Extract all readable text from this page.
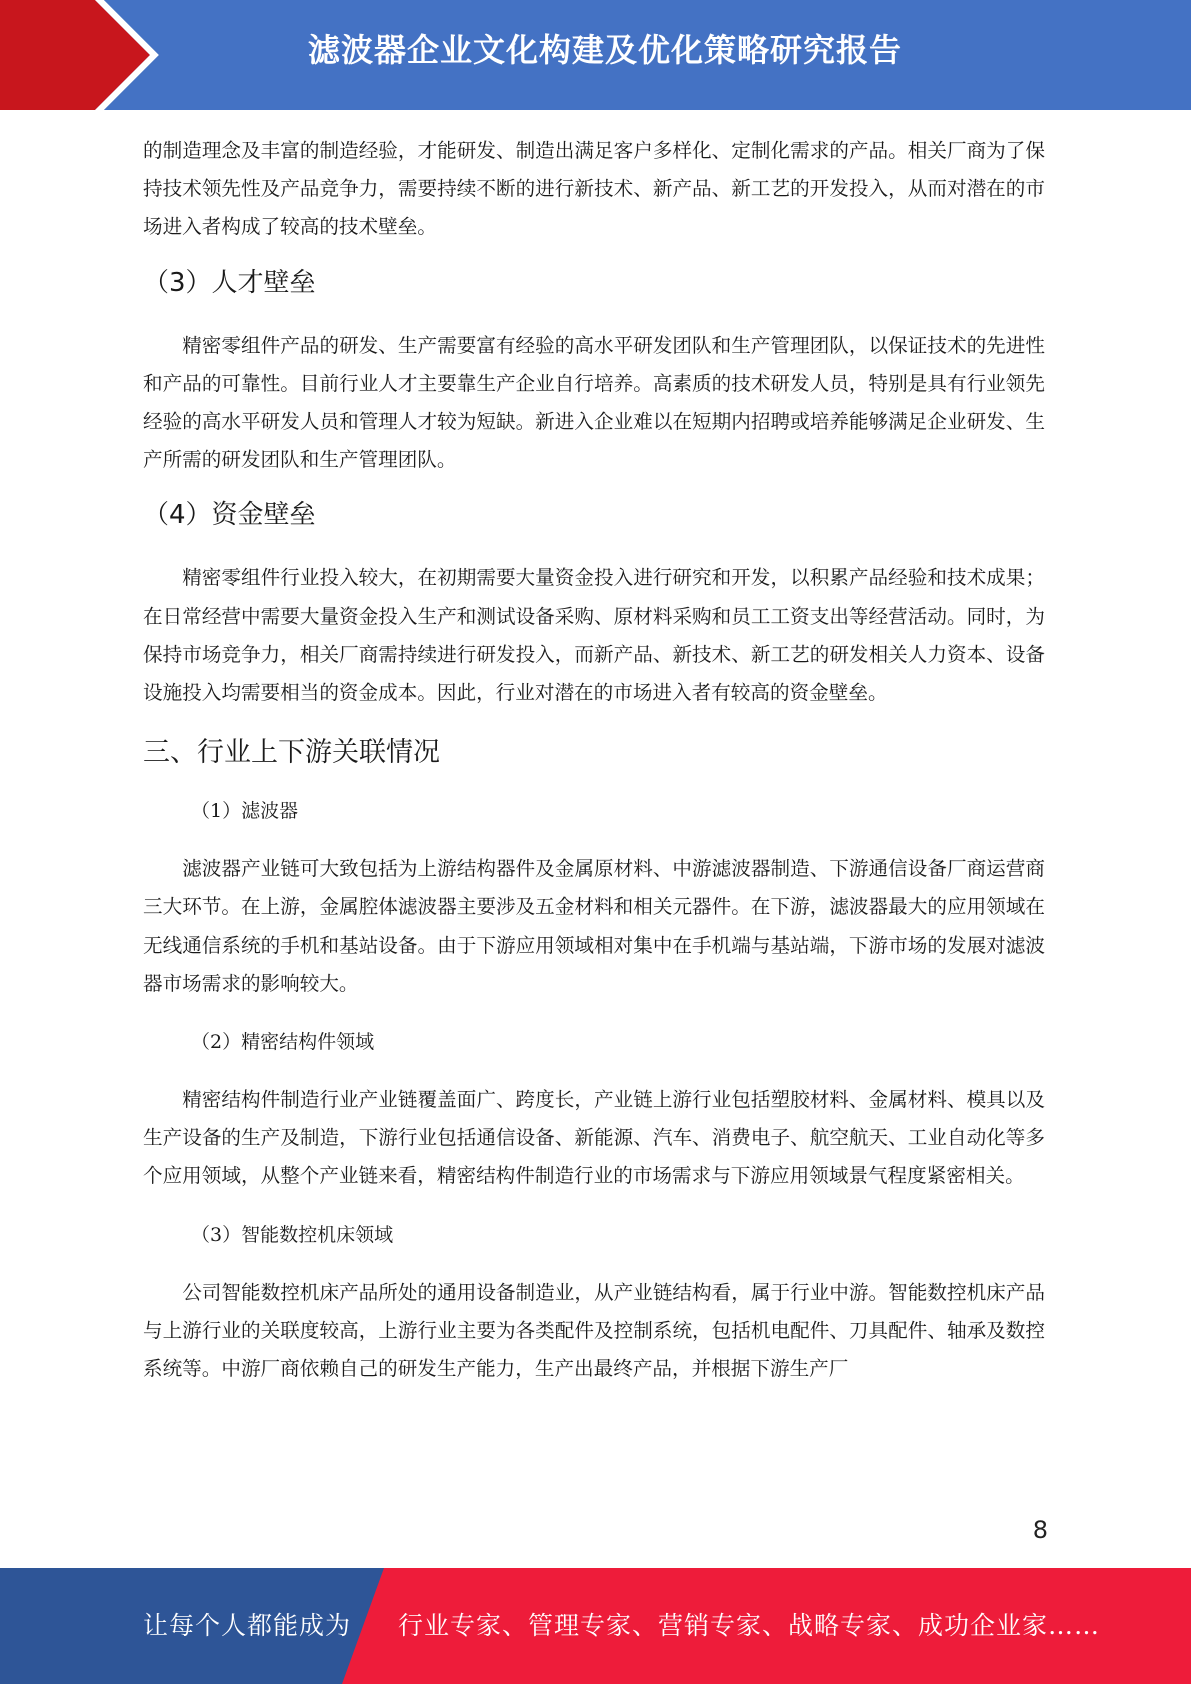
滤波器企业文化构建及优化策略研究报告

的制造理念及丰富的制造经验，才能研发、制造出满足客户多样化、定制化需求的产品。相关厂商为了保持技术领先性及产品竞争力，需要持续不断的进行新技术、新产品、新工艺的开发投入，从而对潜在的市场进入者构成了较高的技术壁垒。

（3）人才壁垒

精密零组件产品的研发、生产需要富有经验的高水平研发团队和生产管理团队，以保证技术的先进性和产品的可靠性。目前行业人才主要靠生产企业自行培养。高素质的技术研发人员，特别是具有行业领先经验的高水平研发人员和管理人才较为短缺。新进入企业难以在短期内招聘或培养能够满足企业研发、生产所需的研发团队和生产管理团队。

（4）资金壁垒

精密零组件行业投入较大，在初期需要大量资金投入进行研究和开发，以积累产品经验和技术成果；在日常经营中需要大量资金投入生产和测试设备采购、原材料采购和员工工资支出等经营活动。同时，为保持市场竞争力，相关厂商需持续进行研发投入，而新产品、新技术、新工艺的研发相关人力资本、设备设施投入均需要相当的资金成本。因此，行业对潜在的市场进入者有较高的资金壁垒。

三、行业上下游关联情况

（1）滤波器

滤波器产业链可大致包括为上游结构器件及金属原材料、中游滤波器制造、下游通信设备厂商运营商三大环节。在上游，金属腔体滤波器主要涉及五金材料和相关元器件。在下游，滤波器最大的应用领域在无线通信系统的手机和基站设备。由于下游应用领域相对集中在手机端与基站端，下游市场的发展对滤波器市场需求的影响较大。

（2）精密结构件领域

精密结构件制造行业产业链覆盖面广、跨度长，产业链上游行业包括塑胶材料、金属材料、模具以及生产设备的生产及制造，下游行业包括通信设备、新能源、汽车、消费电子、航空航天、工业自动化等多个应用领域，从整个产业链来看，精密结构件制造行业的市场需求与下游应用领域景气程度紧密相关。

（3）智能数控机床领域

公司智能数控机床产品所处的通用设备制造业，从产业链结构看，属于行业中游。智能数控机床产品与上游行业的关联度较高，上游行业主要为各类配件及控制系统，包括机电配件、刀具配件、轴承及数控系统等。中游厂商依赖自己的研发生产能力，生产出最终产品，并根据下游生产厂

8
让每个人都能成为 行业专家、管理专家、营销专家、战略专家、成功企业家……
